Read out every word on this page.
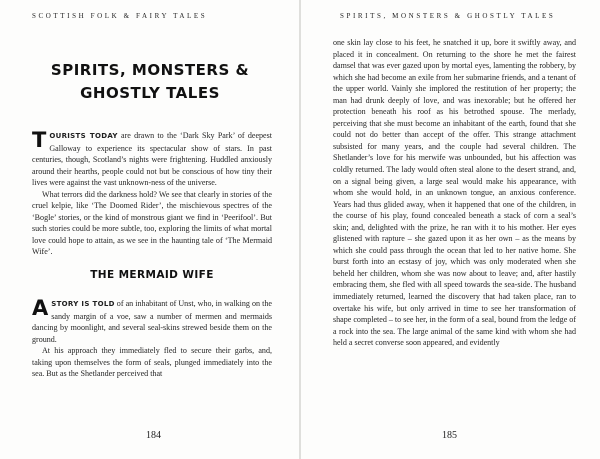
SCOTTISH FOLK & FAIRY TALES
SPIRITS, MONSTERS &
GHOSTLY TALES

TOURISTS TODAY are drawn to the ‘Dark Sky Park’ of deepest Galloway to experience its spectacular show of stars. In past centuries, though, Scotland’s nights were frightening. Huddled anxiously around their hearths, people could not but be conscious of how tiny their lives were against the vast unknown-ness of the universe.

What terrors did the darkness hold? We see that clearly in stories of the cruel kelpie, like ‘The Doomed Rider’, the mischievous spectres of the ‘Bogle’ stories, or the kind of monstrous giant we find in ‘Peerifool’. But such stories could be more subtle, too, exploring the limits of what mortal love could hope to attain, as we see in the haunting tale of ‘The Mermaid Wife’.

THE MERMAID WIFE

ASTORY IS TOLD of an inhabitant of Unst, who, in walking on the sandy margin of a voe, saw a number of mermen and mermaids dancing by moonlight, and several seal-skins strewed beside them on the ground.

At his approach they immediately fled to secure their garbs, and, taking upon themselves the form of seals, plunged immediately into the sea. But as the Shetlander perceived that

184
SPIRITS, MONSTERS & GHOSTLY TALES

one skin lay close to his feet, he snatched it up, bore it swiftly away, and placed it in concealment. On returning to the shore he met the fairest damsel that was ever gazed upon by mortal eyes, lamenting the robbery, by which she had become an exile from her submarine friends, and a tenant of the upper world. Vainly she implored the restitution of her property; the man had drunk deeply of love, and was inexorable; but he offered her protection beneath his roof as his betrothed spouse. The merlady, perceiving that she must become an inhabitant of the earth, found that she could not do better than accept of the offer. This strange attachment subsisted for many years, and the couple had several children. The Shetlander’s love for his merwife was unbounded, but his affection was coldly returned. The lady would often steal alone to the desert strand, and, on a signal being given, a large seal would make his appearance, with whom she would hold, in an unknown tongue, an anxious conference. Years had thus glided away, when it happened that one of the children, in the course of his play, found concealed beneath a stack of corn a seal’s skin; and, delighted with the prize, he ran with it to his mother. Her eyes glistened with rapture – she gazed upon it as her own – as the means by which she could pass through the ocean that led to her native home. She burst forth into an ecstasy of joy, which was only moderated when she beheld her children, whom she was now about to leave; and, after hastily embracing them, she fled with all speed towards the sea-side. The husband immediately returned, learned the discovery that had taken place, ran to overtake his wife, but only arrived in time to see her transformation of shape completed – to see her, in the form of a seal, bound from the ledge of a rock into the sea. The large animal of the same kind with whom she had held a secret converse soon appeared, and evidently

185
